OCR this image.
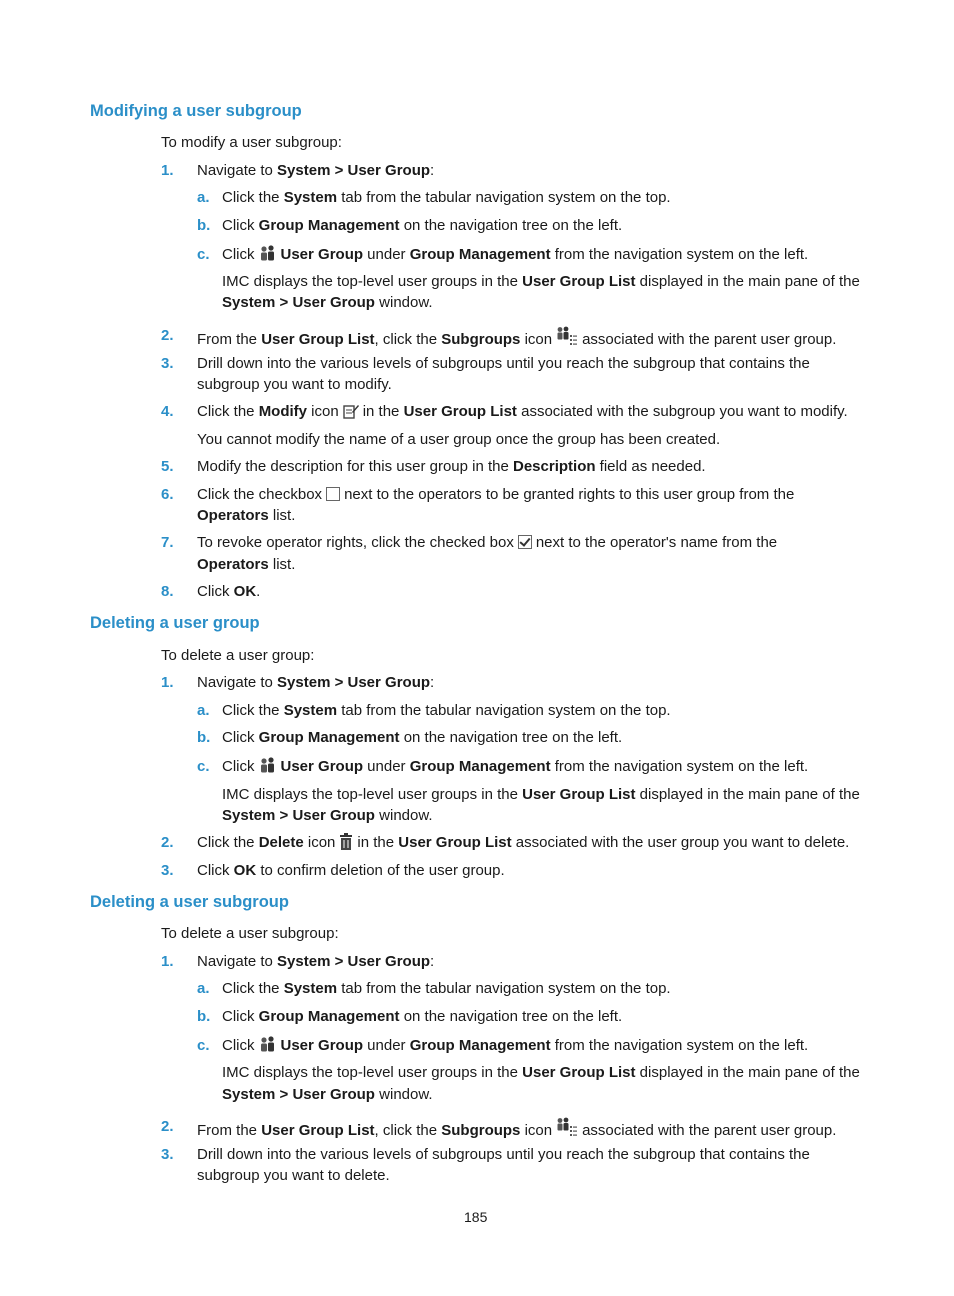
Modifying a user subgroup
To modify a user subgroup:
1. Navigate to System > User Group:
a. Click the System tab from the tabular navigation system on the top.
b. Click Group Management on the navigation tree on the left.
c. Click User Group under Group Management from the navigation system on the left.
IMC displays the top-level user groups in the User Group List displayed in the main pane of the
System > User Group window.
2. From the User Group List, click the Subgroups icon associated with the parent user group.
3. Drill down into the various levels of subgroups until you reach the subgroup that contains the
subgroup you want to modify.
4. Click the Modify icon in the User Group List associated with the subgroup you want to modify.
You cannot modify the name of a user group once the group has been created.
5. Modify the description for this user group in the Description field as needed.
6. Click the checkbox next to the operators to be granted rights to this user group from the
Operators list.
7. To revoke operator rights, click the checked box next to the operator's name from the
Operators list.
8. Click OK.
Deleting a user group
To delete a user group:
1. Navigate to System > User Group:
a. Click the System tab from the tabular navigation system on the top.
b. Click Group Management on the navigation tree on the left.
c. Click User Group under Group Management from the navigation system on the left.
IMC displays the top-level user groups in the User Group List displayed in the main pane of the
System > User Group window.
2. Click the Delete icon in the User Group List associated with the user group you want to delete.
3. Click OK to confirm deletion of the user group.
Deleting a user subgroup
To delete a user subgroup:
1. Navigate to System > User Group:
a. Click the System tab from the tabular navigation system on the top.
b. Click Group Management on the navigation tree on the left.
c. Click User Group under Group Management from the navigation system on the left.
IMC displays the top-level user groups in the User Group List displayed in the main pane of the
System > User Group window.
2. From the User Group List, click the Subgroups icon associated with the parent user group.
3. Drill down into the various levels of subgroups until you reach the subgroup that contains the
subgroup you want to delete.
185
